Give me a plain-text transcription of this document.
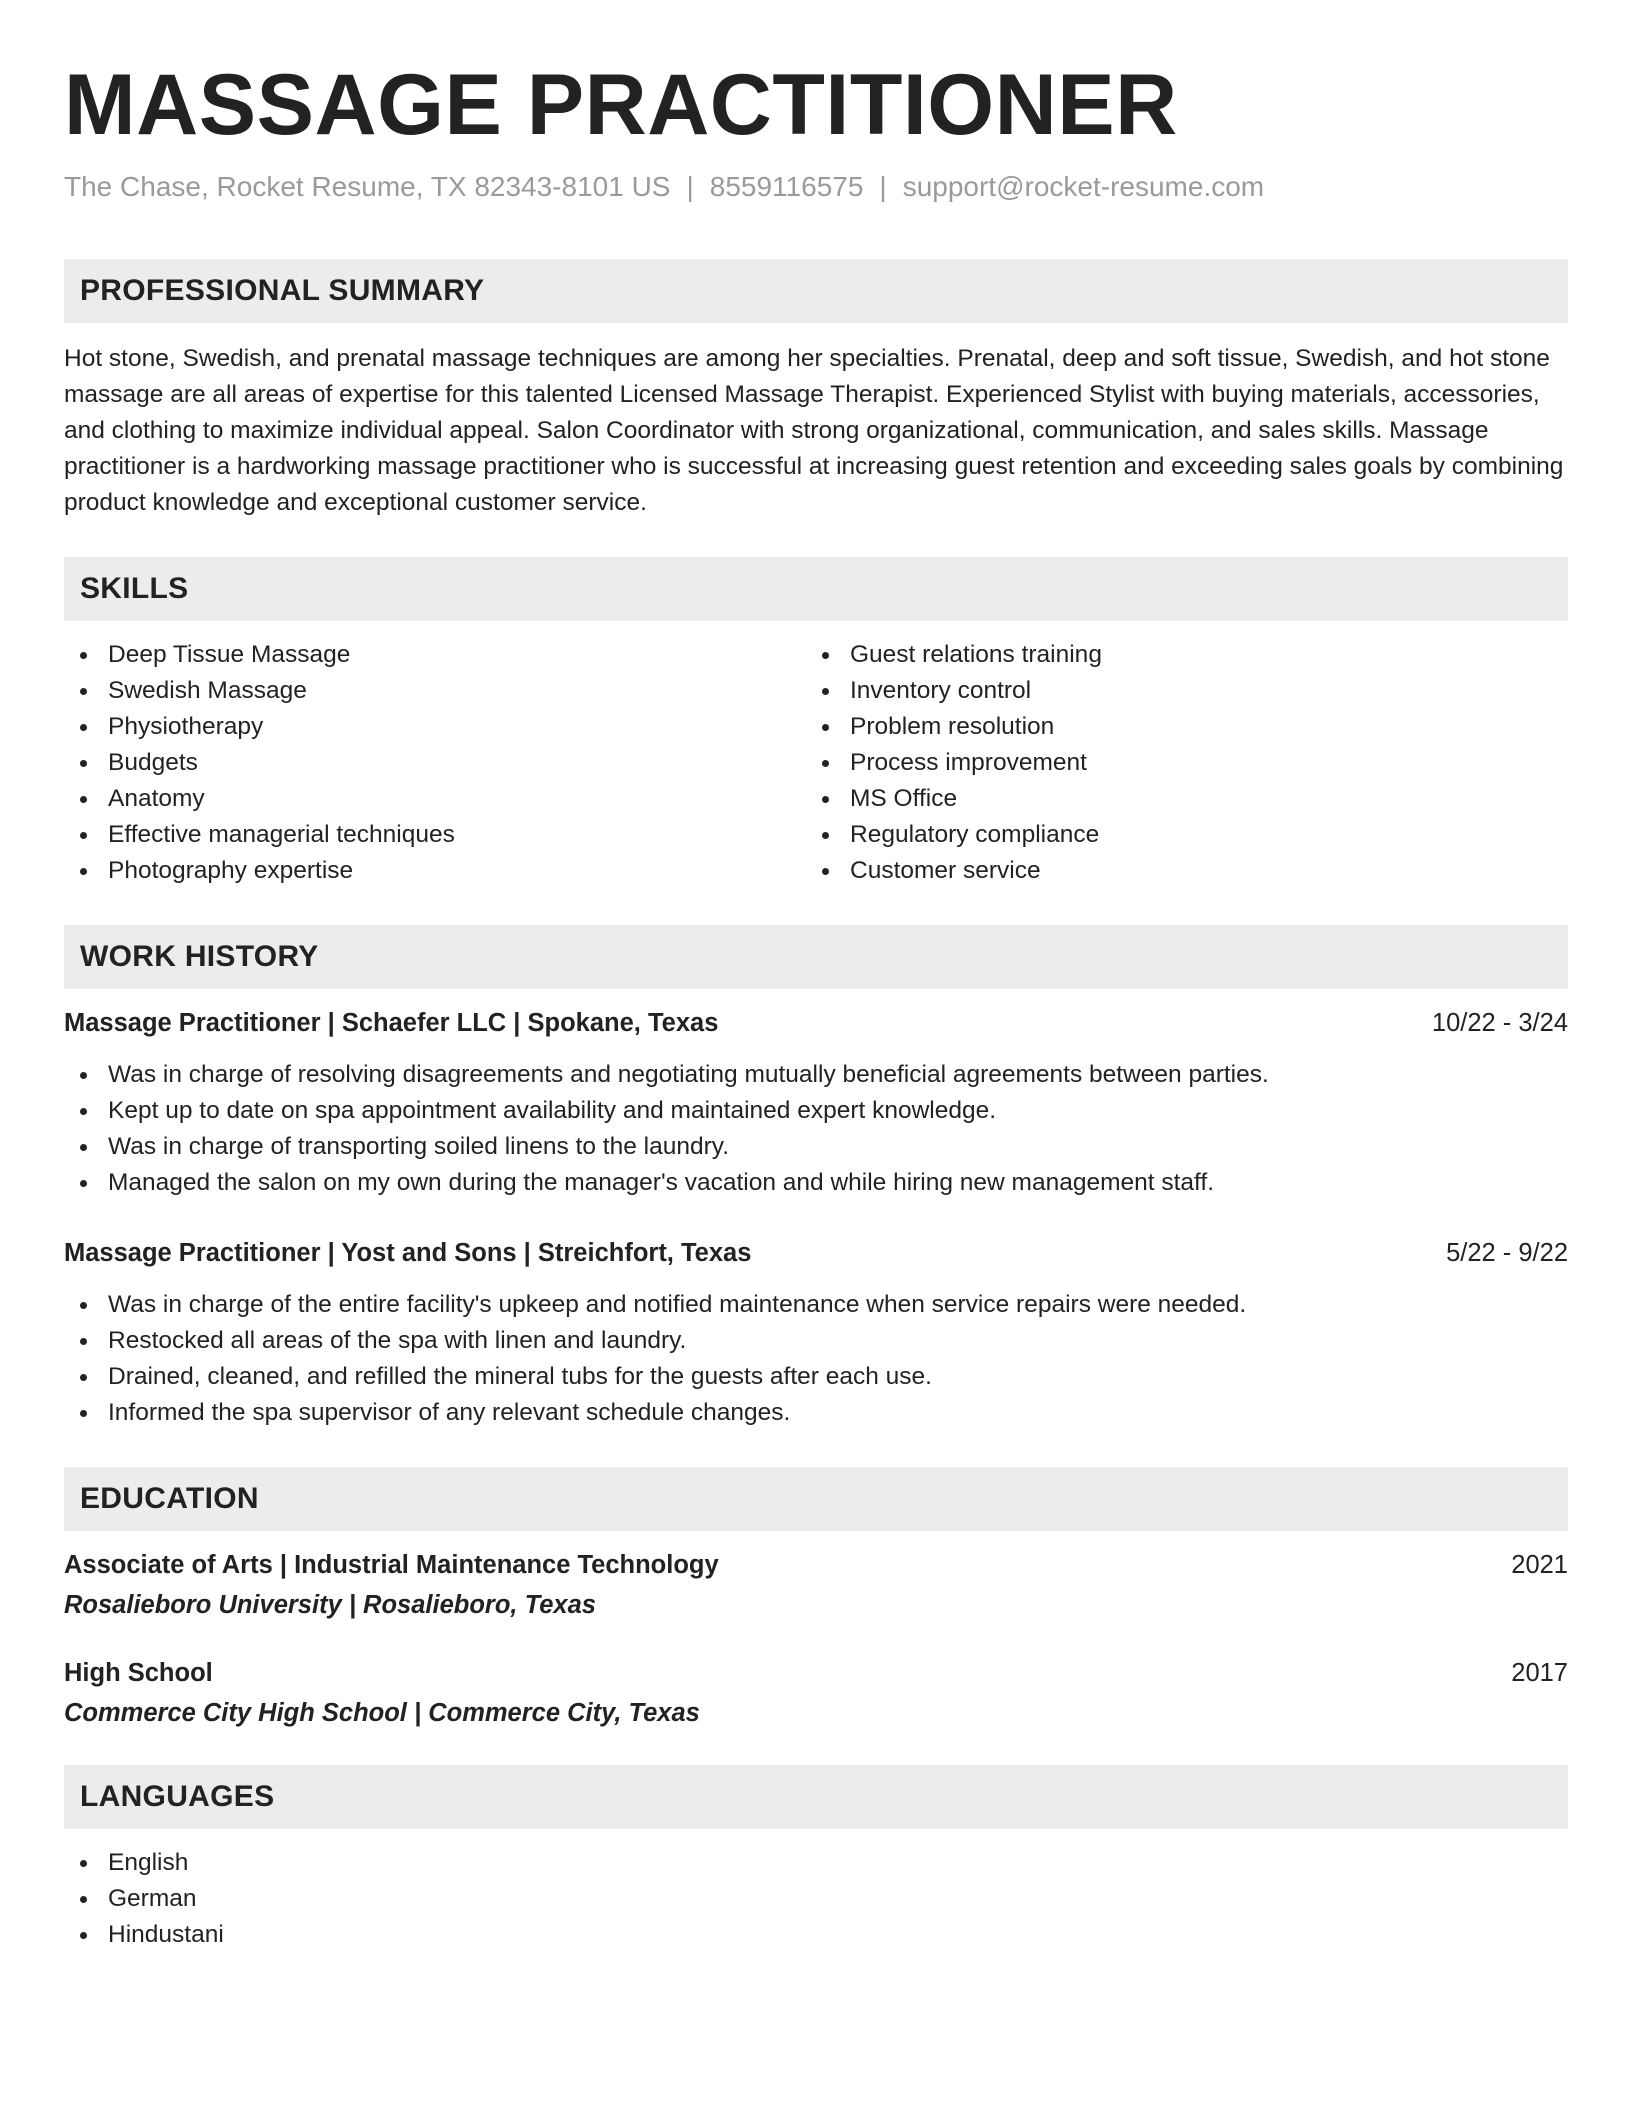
MASSAGE PRACTITIONER
The Chase, Rocket Resume, TX 82343-8101 US | 8559116575 | support@rocket-resume.com
PROFESSIONAL SUMMARY
Hot stone, Swedish, and prenatal massage techniques are among her specialties. Prenatal, deep and soft tissue, Swedish, and hot stone massage are all areas of expertise for this talented Licensed Massage Therapist. Experienced Stylist with buying materials, accessories, and clothing to maximize individual appeal. Salon Coordinator with strong organizational, communication, and sales skills. Massage practitioner is a hardworking massage practitioner who is successful at increasing guest retention and exceeding sales goals by combining product knowledge and exceptional customer service.
SKILLS
Deep Tissue Massage
Swedish Massage
Physiotherapy
Budgets
Anatomy
Effective managerial techniques
Photography expertise
Guest relations training
Inventory control
Problem resolution
Process improvement
MS Office
Regulatory compliance
Customer service
WORK HISTORY
Massage Practitioner | Schaefer LLC | Spokane, Texas	10/22 - 3/24
Was in charge of resolving disagreements and negotiating mutually beneficial agreements between parties.
Kept up to date on spa appointment availability and maintained expert knowledge.
Was in charge of transporting soiled linens to the laundry.
Managed the salon on my own during the manager's vacation and while hiring new management staff.
Massage Practitioner | Yost and Sons | Streichfort, Texas	5/22 - 9/22
Was in charge of the entire facility's upkeep and notified maintenance when service repairs were needed.
Restocked all areas of the spa with linen and laundry.
Drained, cleaned, and refilled the mineral tubs for the guests after each use.
Informed the spa supervisor of any relevant schedule changes.
EDUCATION
Associate of Arts | Industrial Maintenance Technology	2021
Rosalieboro University | Rosalieboro, Texas
High School	2017
Commerce City High School | Commerce City, Texas
LANGUAGES
English
German
Hindustani
